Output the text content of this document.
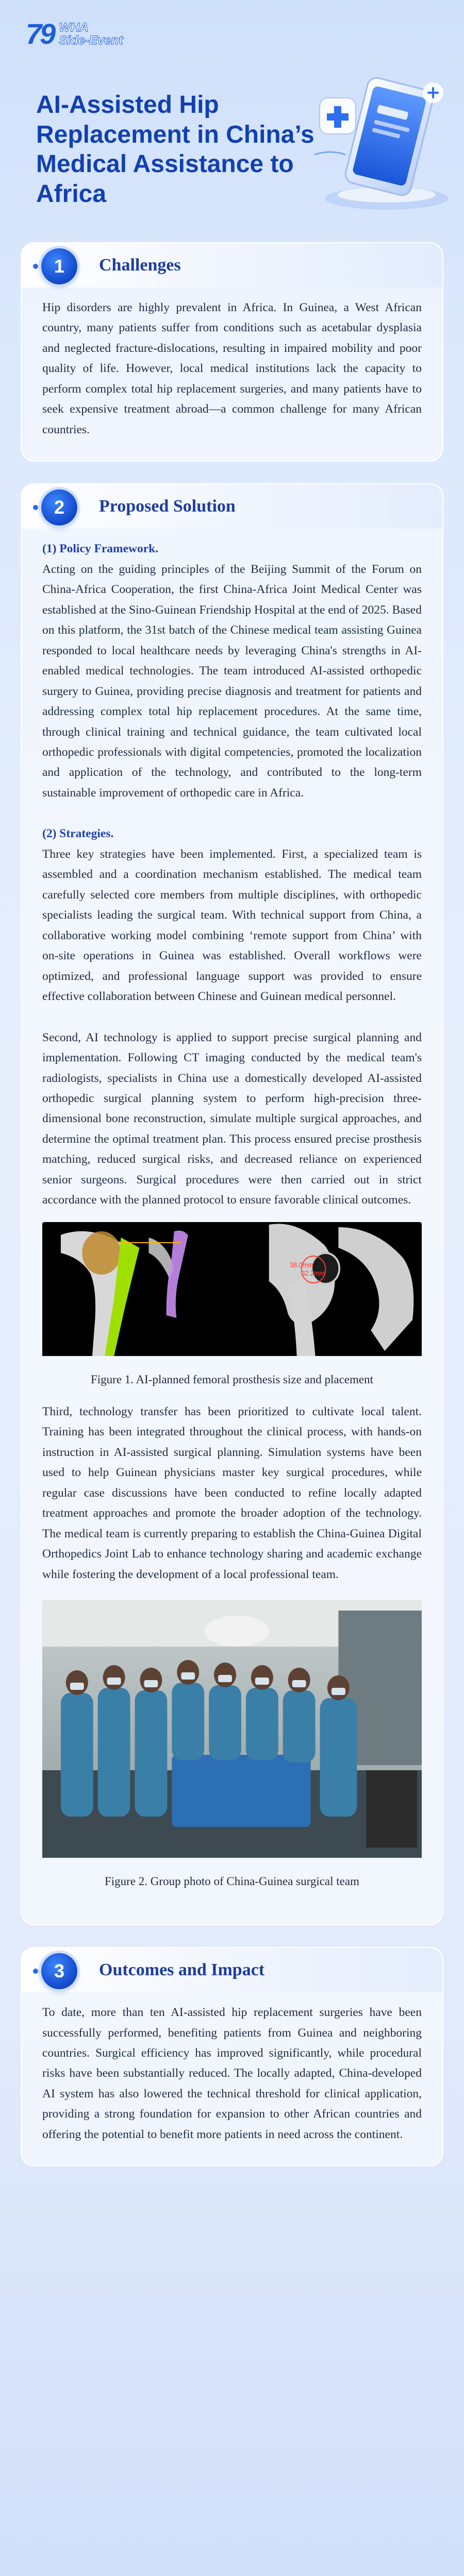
79 WHA
Side-Event
AI-Assisted Hip Replacement in China’s Medical Assistance to Africa
1	Challenges

Hip disorders are highly prevalent in Africa. In Guinea, a West African country, many patients suffer from conditions such as acetabular dysplasia and neglected fracture-dislocations, resulting in impaired mobility and poor quality of life. However, local medical institutions lack the capacity to perform complex total hip replacement surgeries, and many patients have to seek expensive treatment abroad—a common challenge for many African countries.

2	Proposed Solution

(1) Policy Framework.

Acting on the guiding principles of the Beijing Summit of the Forum on China-Africa Cooperation, the first China-Africa Joint Medical Center was established at the Sino-Guinean Friendship Hospital at the end of 2025. Based on this platform, the 31st batch of the Chinese medical team assisting Guinea responded to local healthcare needs by leveraging China's strengths in AI-enabled medical technologies. The team introduced AI-assisted orthopedic surgery to Guinea, providing precise diagnosis and treatment for patients and addressing complex total hip replacement procedures. At the same time, through clinical training and technical guidance, the team cultivated local orthopedic professionals with digital competencies, promoted the localization and application of the technology, and contributed to the long-term sustainable improvement of orthopedic care in Africa.

(2) Strategies.

Three key strategies have been implemented. First, a specialized team is assembled and a coordination mechanism established. The medical team carefully selected core members from multiple disciplines, with orthopedic specialists leading the surgical team. With technical support from China, a collaborative working model combining ‘remote support from China’ with on-site operations in Guinea was established. Overall workflows were optimized, and professional language support was provided to ensure effective collaboration between Chinese and Guinean medical personnel.

Second, AI technology is applied to support precise surgical planning and implementation. Following CT imaging conducted by the medical team's radiologists, specialists in China use a domestically developed AI-assisted orthopedic surgical planning system to perform high-precision three-dimensional bone reconstruction, simulate multiple surgical approaches, and determine the optimal treatment plan. This process ensured precise prosthesis matching, reduced surgical risks, and decreased reliance on experienced senior surgeons. Surgical procedures were then carried out in strict accordance with the planned protocol to ensure favorable clinical outcomes.

38.0mm
32.2mm

Figure 1. AI-planned femoral prosthesis size and placement

Third, technology transfer has been prioritized to cultivate local talent. Training has been integrated throughout the clinical process, with hands-on instruction in AI-assisted surgical planning. Simulation systems have been used to help Guinean physicians master key surgical procedures, while regular case discussions have been conducted to refine locally adapted treatment approaches and promote the broader adoption of the technology. The medical team is currently preparing to establish the China-Guinea Digital Orthopedics Joint Lab to enhance technology sharing and academic exchange while fostering the development of a local professional team.

Figure 2. Group photo of China-Guinea surgical team

3	Outcomes and Impact

To date, more than ten AI-assisted hip replacement surgeries have been successfully performed, benefiting patients from Guinea and neighboring countries. Surgical efficiency has improved significantly, while procedural risks have been substantially reduced. The locally adapted, China-developed AI system has also lowered the technical threshold for clinical application, providing a strong foundation for expansion to other African countries and offering the potential to benefit more patients in need across the continent.
